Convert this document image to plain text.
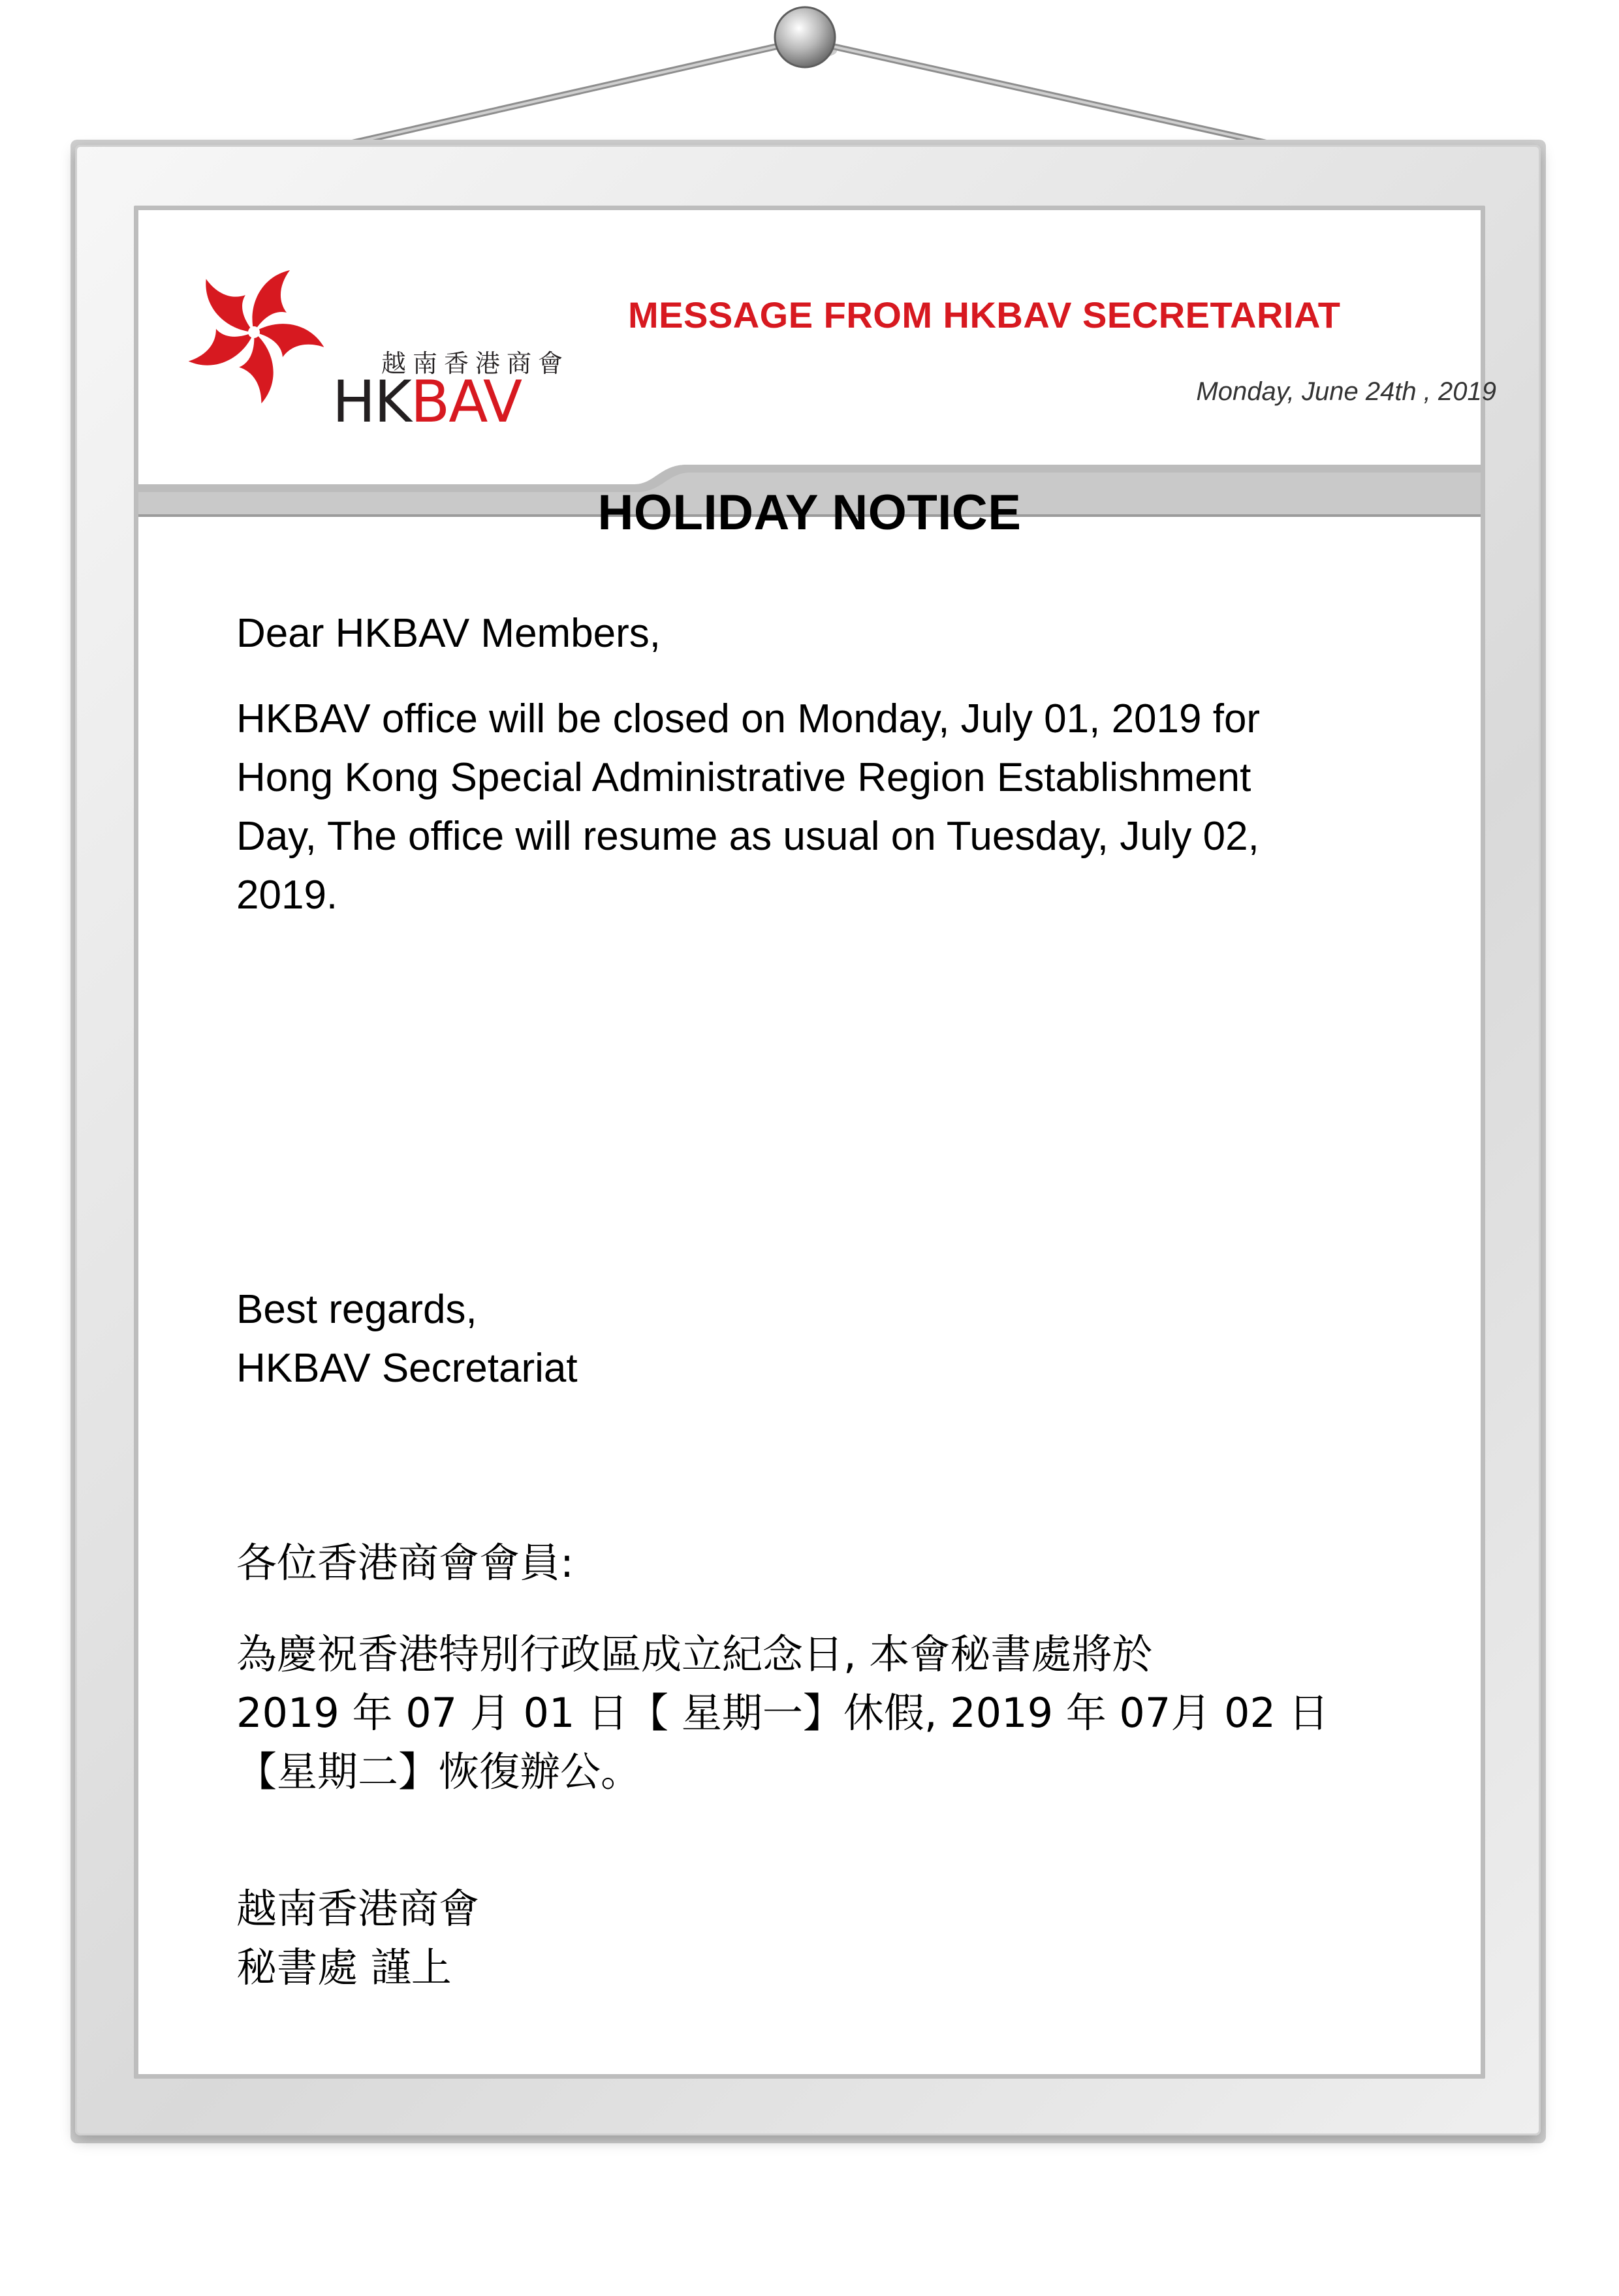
越南香港商會
HKBAV
MESSAGE FROM HKBAV SECRETARIAT
Monday, June 24th , 2019
HOLIDAY NOTICE
Dear HKBAV Members,
HKBAV office will be closed on Monday, July 01, 2019 for
Hong Kong Special Administrative Region Establishment
Day, The office will resume as usual on Tuesday, July 02,
2019.
Best regards,
HKBAV Secretariat
各位香港商會會員:
為慶祝香港特別行政區成立紀念日, 本會秘書處將於
2019 年 07 月 01 日【 星期一】休假, 2019 年 07月 02 日
【星期二】恢復辦公。
越南香港商會
秘書處 謹上
